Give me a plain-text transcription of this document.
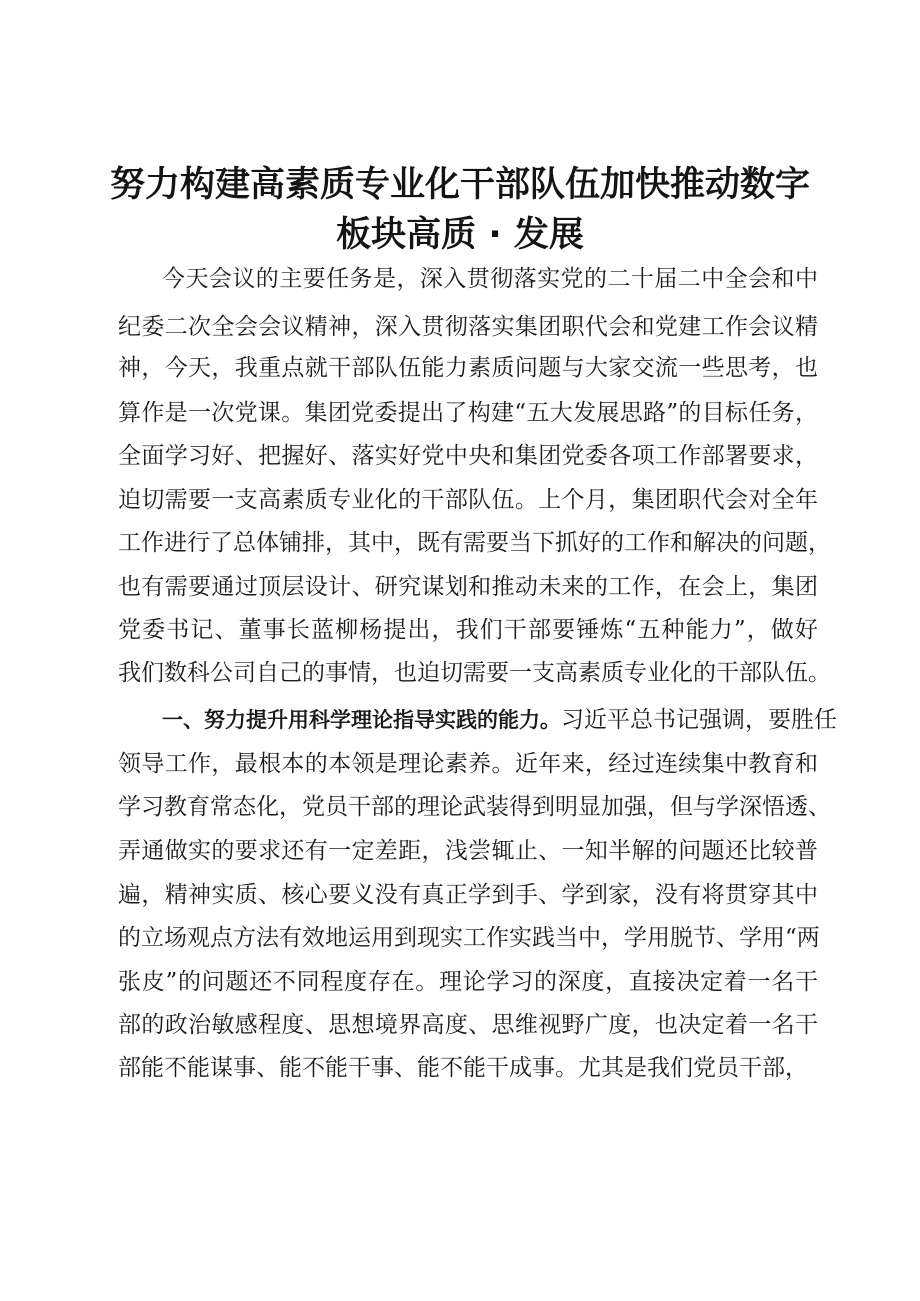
努力构建高素质专业化干部队伍加快推动数字
板块高质 · 发展

今天会议的主要任务是，深入贯彻落实党的二十届二中全会和中

纪委二次全会会议精神，深入贯彻落实集团职代会和党建工作会议精

神，今天，我重点就干部队伍能力素质问题与大家交流一些思考，也

算作是一次党课。集团党委提出了构建“五大发展思路”的目标任务，

全面学习好、把握好、落实好党中央和集团党委各项工作部署要求，

迫切需要一支高素质专业化的干部队伍。上个月，集团职代会对全年

工作进行了总体铺排，其中，既有需要当下抓好的工作和解决的问题，

也有需要通过顶层设计、研究谋划和推动未来的工作，在会上，集团

党委书记、董事长蓝柳杨提出，我们干部要锤炼“五种能力”，做好

我们数科公司自己的事情，也迫切需要一支高素质专业化的干部队伍。

一、努力提升用科学理论指导实践的能力。习近平总书记强调，要胜任

领导工作，最根本的本领是理论素养。近年来，经过连续集中教育和

学习教育常态化，党员干部的理论武装得到明显加强，但与学深悟透、

弄通做实的要求还有一定差距，浅尝辄止、一知半解的问题还比较普

遍，精神实质、核心要义没有真正学到手、学到家，没有将贯穿其中

的立场观点方法有效地运用到现实工作实践当中，学用脱节、学用“两

张皮”的问题还不同程度存在。理论学习的深度，直接决定着一名干

部的政治敏感程度、思想境界高度、思维视野广度，也决定着一名干

部能不能谋事、能不能干事、能不能干成事。尤其是我们党员干部，
